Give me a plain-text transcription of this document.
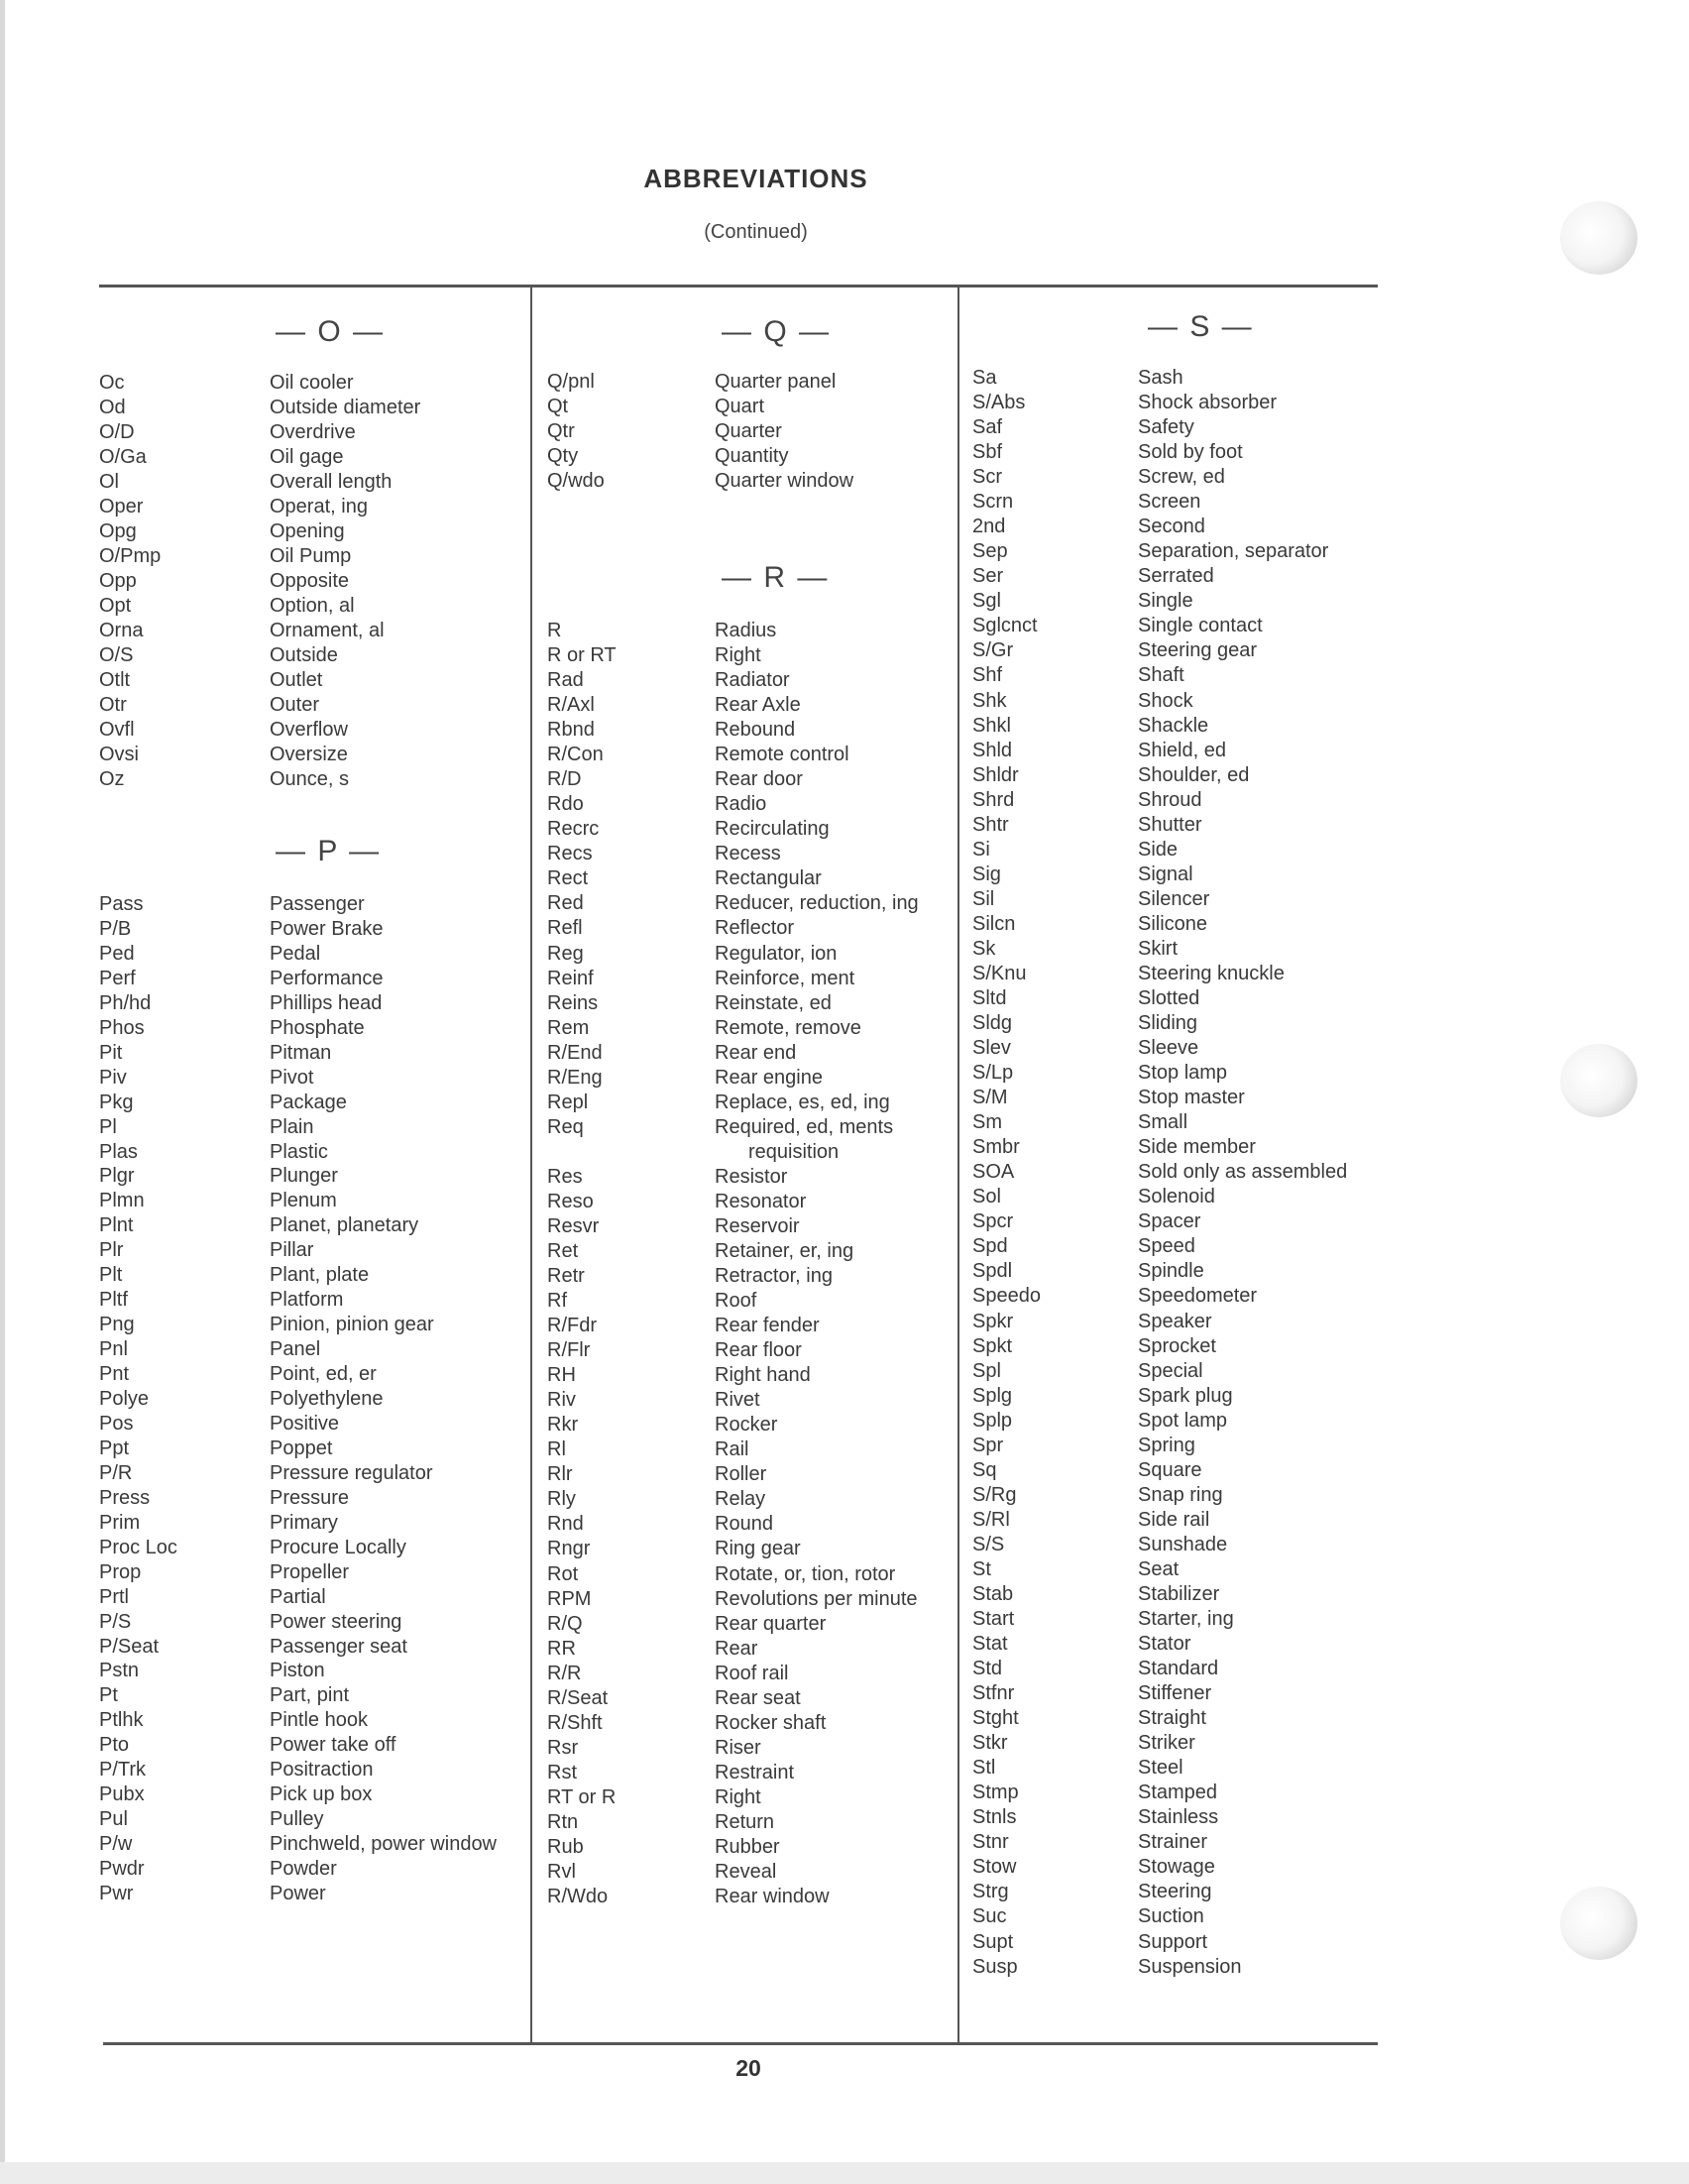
ABBREVIATIONS
(Continued)
— O —
Oc	Oil cooler
Od	Outside diameter
O/D	Overdrive
O/Ga	Oil gage
Ol	Overall length
Oper	Operat, ing
Opg	Opening
O/Pmp	Oil Pump
Opp	Opposite
Opt	Option, al
Orna	Ornament, al
O/S	Outside
Otlt	Outlet
Otr	Outer
Ovfl	Overflow
Ovsi	Oversize
Oz	Ounce, s
— P —
Pass	Passenger
P/B	Power Brake
Ped	Pedal
Perf	Performance
Ph/hd	Phillips head
Phos	Phosphate
Pit	Pitman
Piv	Pivot
Pkg	Package
Pl	Plain
Plas	Plastic
Plgr	Plunger
Plmn	Plenum
Plnt	Planet, planetary
Plr	Pillar
Plt	Plant, plate
Pltf	Platform
Png	Pinion, pinion gear
Pnl	Panel
Pnt	Point, ed, er
Polye	Polyethylene
Pos	Positive
Ppt	Poppet
P/R	Pressure regulator
Press	Pressure
Prim	Primary
Proc Loc	Procure Locally
Prop	Propeller
Prtl	Partial
P/S	Power steering
P/Seat	Passenger seat
Pstn	Piston
Pt	Part, pint
Ptlhk	Pintle hook
Pto	Power take off
P/Trk	Positraction
Pubx	Pick up box
Pul	Pulley
P/w	Pinchweld, power window
Pwdr	Powder
Pwr	Power
— Q —
Q/pnl	Quarter panel
Qt	Quart
Qtr	Quarter
Qty	Quantity
Q/wdo	Quarter window
— R —
R	Radius
R or RT	Right
Rad	Radiator
R/Axl	Rear Axle
Rbnd	Rebound
R/Con	Remote control
R/D	Rear door
Rdo	Radio
Recrc	Recirculating
Recs	Recess
Rect	Rectangular
Red	Reducer, reduction, ing
Refl	Reflector
Reg	Regulator, ion
Reinf	Reinforce, ment
Reins	Reinstate, ed
Rem	Remote, remove
R/End	Rear end
R/Eng	Rear engine
Repl	Replace, es, ed, ing
Req	Required, ed, ments
requisition
Res	Resistor
Reso	Resonator
Resvr	Reservoir
Ret	Retainer, er, ing
Retr	Retractor, ing
Rf	Roof
R/Fdr	Rear fender
R/Flr	Rear floor
RH	Right hand
Riv	Rivet
Rkr	Rocker
Rl	Rail
Rlr	Roller
Rly	Relay
Rnd	Round
Rngr	Ring gear
Rot	Rotate, or, tion, rotor
RPM	Revolutions per minute
R/Q	Rear quarter
RR	Rear
R/R	Roof rail
R/Seat	Rear seat
R/Shft	Rocker shaft
Rsr	Riser
Rst	Restraint
RT or R	Right
Rtn	Return
Rub	Rubber
Rvl	Reveal
R/Wdo	Rear window
— S —
Sa	Sash
S/Abs	Shock absorber
Saf	Safety
Sbf	Sold by foot
Scr	Screw, ed
Scrn	Screen
2nd	Second
Sep	Separation, separator
Ser	Serrated
Sgl	Single
Sglcnct	Single contact
S/Gr	Steering gear
Shf	Shaft
Shk	Shock
Shkl	Shackle
Shld	Shield, ed
Shldr	Shoulder, ed
Shrd	Shroud
Shtr	Shutter
Si	Side
Sig	Signal
Sil	Silencer
Silcn	Silicone
Sk	Skirt
S/Knu	Steering knuckle
Sltd	Slotted
Sldg	Sliding
Slev	Sleeve
S/Lp	Stop lamp
S/M	Stop master
Sm	Small
Smbr	Side member
SOA	Sold only as assembled
Sol	Solenoid
Spcr	Spacer
Spd	Speed
Spdl	Spindle
Speedo	Speedometer
Spkr	Speaker
Spkt	Sprocket
Spl	Special
Splg	Spark plug
Splp	Spot lamp
Spr	Spring
Sq	Square
S/Rg	Snap ring
S/Rl	Side rail
S/S	Sunshade
St	Seat
Stab	Stabilizer
Start	Starter, ing
Stat	Stator
Std	Standard
Stfnr	Stiffener
Stght	Straight
Stkr	Striker
Stl	Steel
Stmp	Stamped
Stnls	Stainless
Stnr	Strainer
Stow	Stowage
Strg	Steering
Suc	Suction
Supt	Support
Susp	Suspension
20
